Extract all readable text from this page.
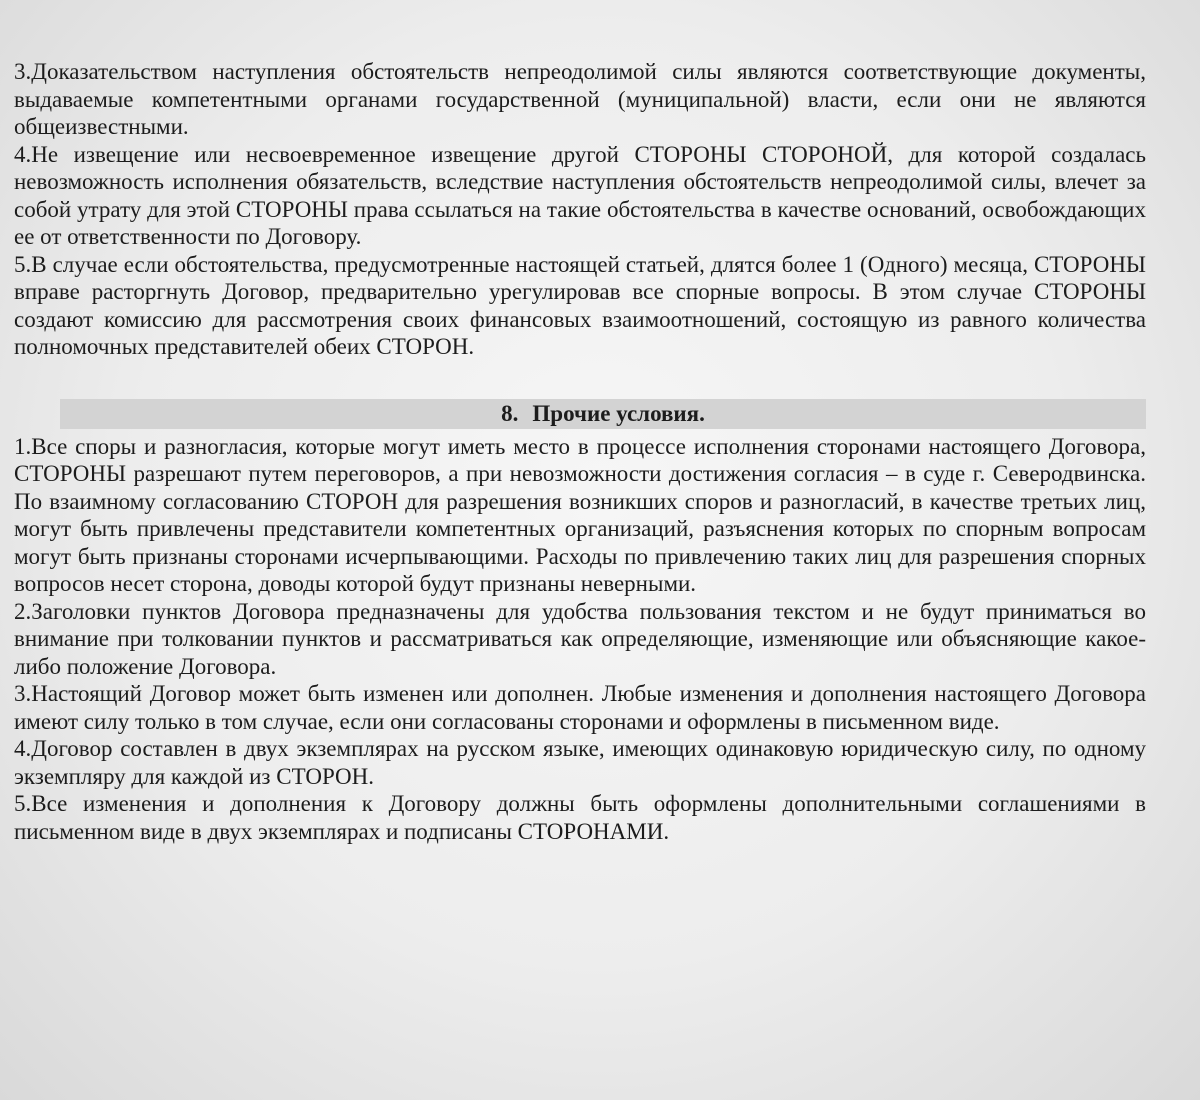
3.Доказательством наступления обстоятельств непреодолимой силы являются соответствующие документы, выдаваемые компетентными органами государственной (муниципальной) власти, если они не являются общеизвестными.

4.Не извещение или несвоевременное извещение другой СТОРОНЫ СТОРОНОЙ, для которой создалась невозможность исполнения обязательств, вследствие наступления обстоятельств непреодолимой силы, влечет за собой утрату для этой СТОРОНЫ права ссылаться на такие обстоятельства в качестве оснований, освобождающих ее от ответственности по Договору.

5.В случае если обстоятельства, предусмотренные настоящей статьей, длятся более 1 (Одного) месяца, СТОРОНЫ вправе расторгнуть Договор, предварительно урегулировав все спорные вопросы. В этом случае СТОРОНЫ создают комиссию для рассмотрения своих финансовых взаимоотношений, состоящую из равного количества полномочных представителей обеих СТОРОН.

8. Прочие условия.

1.Все споры и разногласия, которые могут иметь место в процессе исполнения сторонами настоящего Договора, СТОРОНЫ разрешают путем переговоров, а при невозможности достижения согласия – в суде г. Северодвинска. По взаимному согласованию СТОРОН для разрешения возникших споров и разногласий, в качестве третьих лиц, могут быть привлечены представители компетентных организаций, разъяснения которых по спорным вопросам могут быть признаны сторонами исчерпывающими. Расходы по привлечению таких лиц для разрешения спорных вопросов несет сторона, доводы которой будут признаны неверными.

2.Заголовки пунктов Договора предназначены для удобства пользования текстом и не будут приниматься во внимание при толковании пунктов и рассматриваться как определяющие, изменяющие или объясняющие какое-либо положение Договора.

3.Настоящий Договор может быть изменен или дополнен. Любые изменения и дополнения настоящего Договора имеют силу только в том случае, если они согласованы сторонами и оформлены в письменном виде.

4.Договор составлен в двух экземплярах на русском языке, имеющих одинаковую юридическую силу, по одному экземпляру для каждой из СТОРОН.

5.Все изменения и дополнения к Договору должны быть оформлены дополнительными соглашениями в письменном виде в двух экземплярах и подписаны СТОРОНАМИ.
